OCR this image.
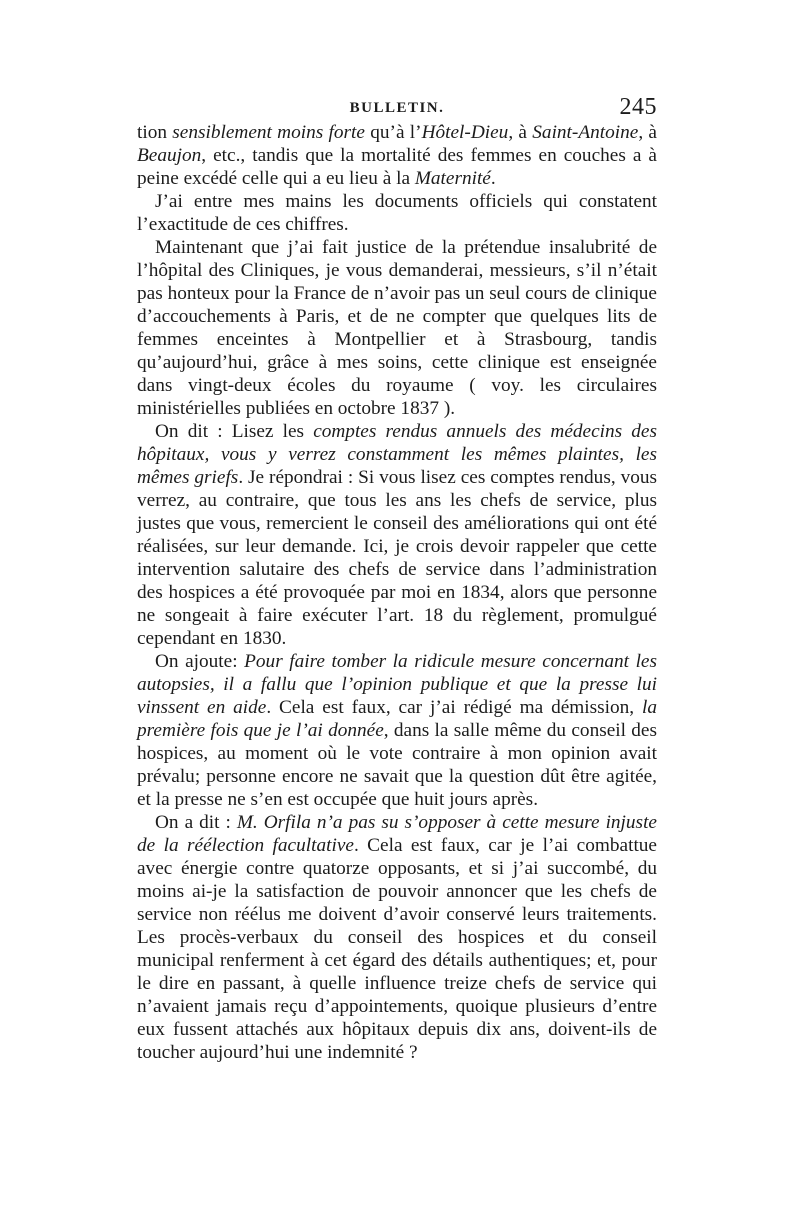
BULLETIN.	245

tion sensiblement moins forte qu’à l’Hôtel-Dieu, à Saint-Antoine, à Beaujon, etc., tandis que la mortalité des femmes en couches a à peine excédé celle qui a eu lieu à la Maternité.

J’ai entre mes mains les documents officiels qui constatent l’exactitude de ces chiffres.

Maintenant que j’ai fait justice de la prétendue insalubrité de l’hôpital des Cliniques, je vous demanderai, messieurs, s’il n’était pas honteux pour la France de n’avoir pas un seul cours de clinique d’accouchements à Paris, et de ne compter que quelques lits de femmes enceintes à Montpellier et à Strasbourg, tandis qu’aujourd’hui, grâce à mes soins, cette clinique est enseignée dans vingt-deux écoles du royaume ( voy. les circulaires ministérielles publiées en octobre 1837 ).

On dit : Lisez les comptes rendus annuels des médecins des hôpitaux, vous y verrez constamment les mêmes plaintes, les mêmes griefs. Je répondrai : Si vous lisez ces comptes rendus, vous verrez, au contraire, que tous les ans les chefs de service, plus justes que vous, remercient le conseil des améliorations qui ont été réalisées, sur leur demande. Ici, je crois devoir rappeler que cette intervention salutaire des chefs de service dans l’administration des hospices a été provoquée par moi en 1834, alors que personne ne songeait à faire exécuter l’art. 18 du règlement, promulgué cependant en 1830.

On ajoute: Pour faire tomber la ridicule mesure concernant les autopsies, il a fallu que l’opinion publique et que la presse lui vinssent en aide. Cela est faux, car j’ai rédigé ma démission, la première fois que je l’ai donnée, dans la salle même du conseil des hospices, au moment où le vote contraire à mon opinion avait prévalu; personne encore ne savait que la question dût être agitée, et la presse ne s’en est occupée que huit jours après.

On a dit : M. Orfila n’a pas su s’opposer à cette mesure injuste de la réélection facultative. Cela est faux, car je l’ai combattue avec énergie contre quatorze opposants, et si j’ai succombé, du moins ai-je la satisfaction de pouvoir annoncer que les chefs de service non réélus me doivent d’avoir conservé leurs traitements. Les procès-verbaux du conseil des hospices et du conseil municipal renferment à cet égard des détails authentiques; et, pour le dire en passant, à quelle influence treize chefs de service qui n’avaient jamais reçu d’appointements, quoique plusieurs d’entre eux fussent attachés aux hôpitaux depuis dix ans, doivent-ils de toucher aujourd’hui une indemnité ?
